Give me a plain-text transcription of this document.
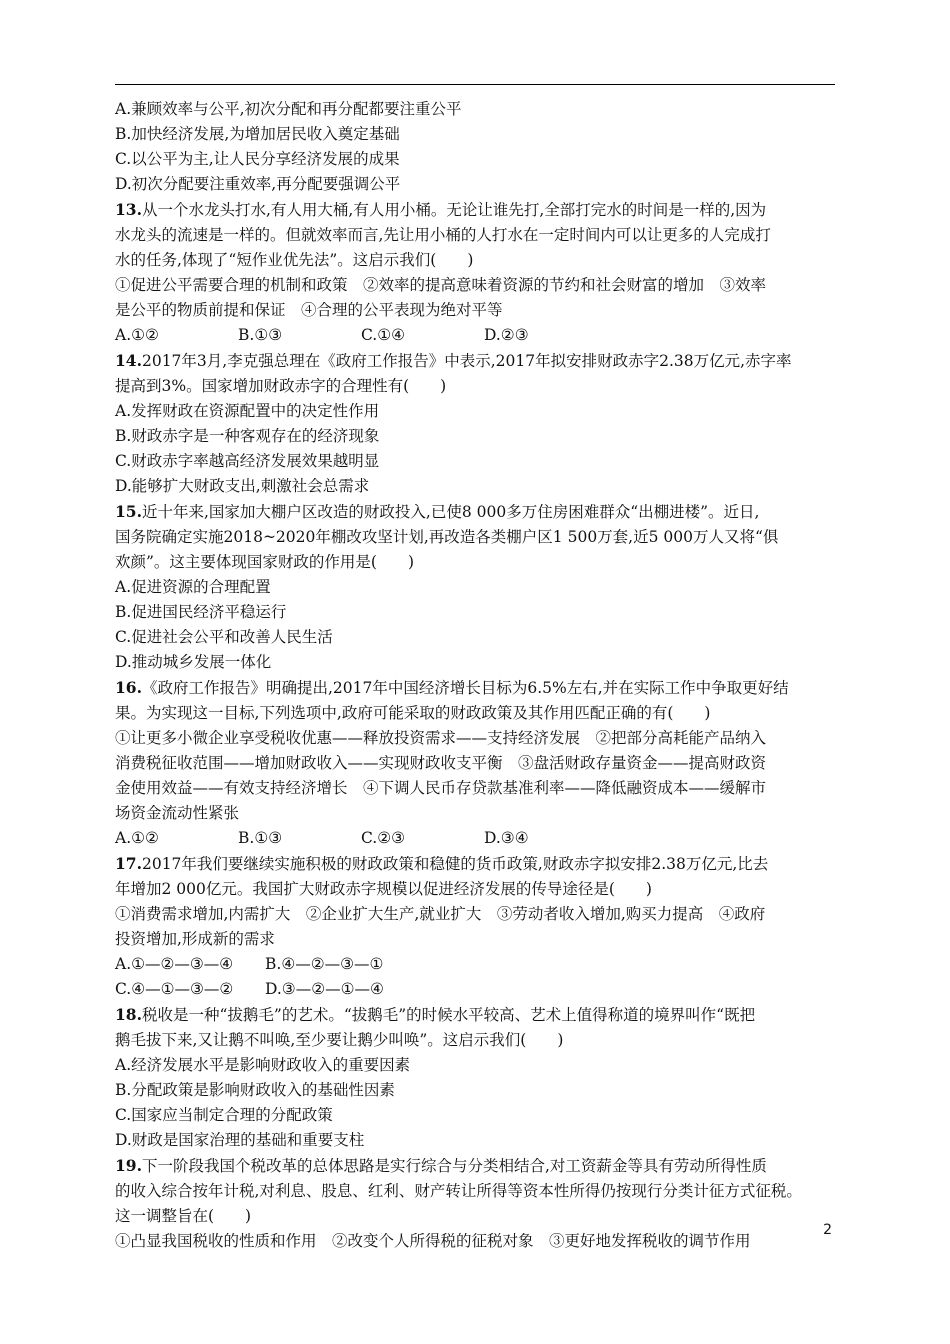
A.兼顾效率与公平,初次分配和再分配都要注重公平
B.加快经济发展,为增加居民收入奠定基础
C.以公平为主,让人民分享经济发展的成果
D.初次分配要注重效率,再分配要强调公平
13.从一个水龙头打水,有人用大桶,有人用小桶。无论让谁先打,全部打完水的时间是一样的,因为
水龙头的流速是一样的。但就效率而言,先让用小桶的人打水在一定时间内可以让更多的人完成打
水的任务,体现了“短作业优先法”。这启示我们(　　)
①促进公平需要合理的机制和政策　②效率的提高意味着资源的节约和社会财富的增加　③效率
是公平的物质前提和保证　④合理的公平表现为绝对平等
A.①②	B.①③	C.①④	D.②③
14.2017年3月,李克强总理在《政府工作报告》中表示,2017年拟安排财政赤字2.38万亿元,赤字率
提高到3%。国家增加财政赤字的合理性有(　　)
A.发挥财政在资源配置中的决定性作用
B.财政赤字是一种客观存在的经济现象
C.财政赤字率越高经济发展效果越明显
D.能够扩大财政支出,刺激社会总需求
15.近十年来,国家加大棚户区改造的财政投入,已使8 000多万住房困难群众“出棚进楼”。近日,
国务院确定实施2018~2020年棚改攻坚计划,再改造各类棚户区1 500万套,近5 000万人又将“俱
欢颜”。这主要体现国家财政的作用是(　　)
A.促进资源的合理配置
B.促进国民经济平稳运行
C.促进社会公平和改善人民生活
D.推动城乡发展一体化
16.《政府工作报告》明确提出,2017年中国经济增长目标为6.5%左右,并在实际工作中争取更好结
果。为实现这一目标,下列选项中,政府可能采取的财政政策及其作用匹配正确的有(　　)
①让更多小微企业享受税收优惠——释放投资需求——支持经济发展　②把部分高耗能产品纳入
消费税征收范围——增加财政收入——实现财政收支平衡　③盘活财政存量资金——提高财政资
金使用效益——有效支持经济增长　④下调人民币存贷款基准利率——降低融资成本——缓解市
场资金流动性紧张
A.①②	B.①③	C.②③	D.③④
17.2017年我们要继续实施积极的财政政策和稳健的货币政策,财政赤字拟安排2.38万亿元,比去
年增加2 000亿元。我国扩大财政赤字规模以促进经济发展的传导途径是(　　)
①消费需求增加,内需扩大　②企业扩大生产,就业扩大　③劳动者收入增加,购买力提高　④政府
投资增加,形成新的需求
A.①—②—③—④	B.④—②—③—①
C.④—①—③—②	D.③—②—①—④
18.税收是一种“拔鹅毛”的艺术。“拔鹅毛”的时候水平较高、艺术上值得称道的境界叫作“既把
鹅毛拔下来,又让鹅不叫唤,至少要让鹅少叫唤”。这启示我们(　　)
A.经济发展水平是影响财政收入的重要因素
B.分配政策是影响财政收入的基础性因素
C.国家应当制定合理的分配政策
D.财政是国家治理的基础和重要支柱
19.下一阶段我国个税改革的总体思路是实行综合与分类相结合,对工资薪金等具有劳动所得性质
的收入综合按年计税,对利息、股息、红利、财产转让所得等资本性所得仍按现行分类计征方式征税。
这一调整旨在(　　)
①凸显我国税收的性质和作用　②改变个人所得税的征税对象　③更好地发挥税收的调节作用
2
